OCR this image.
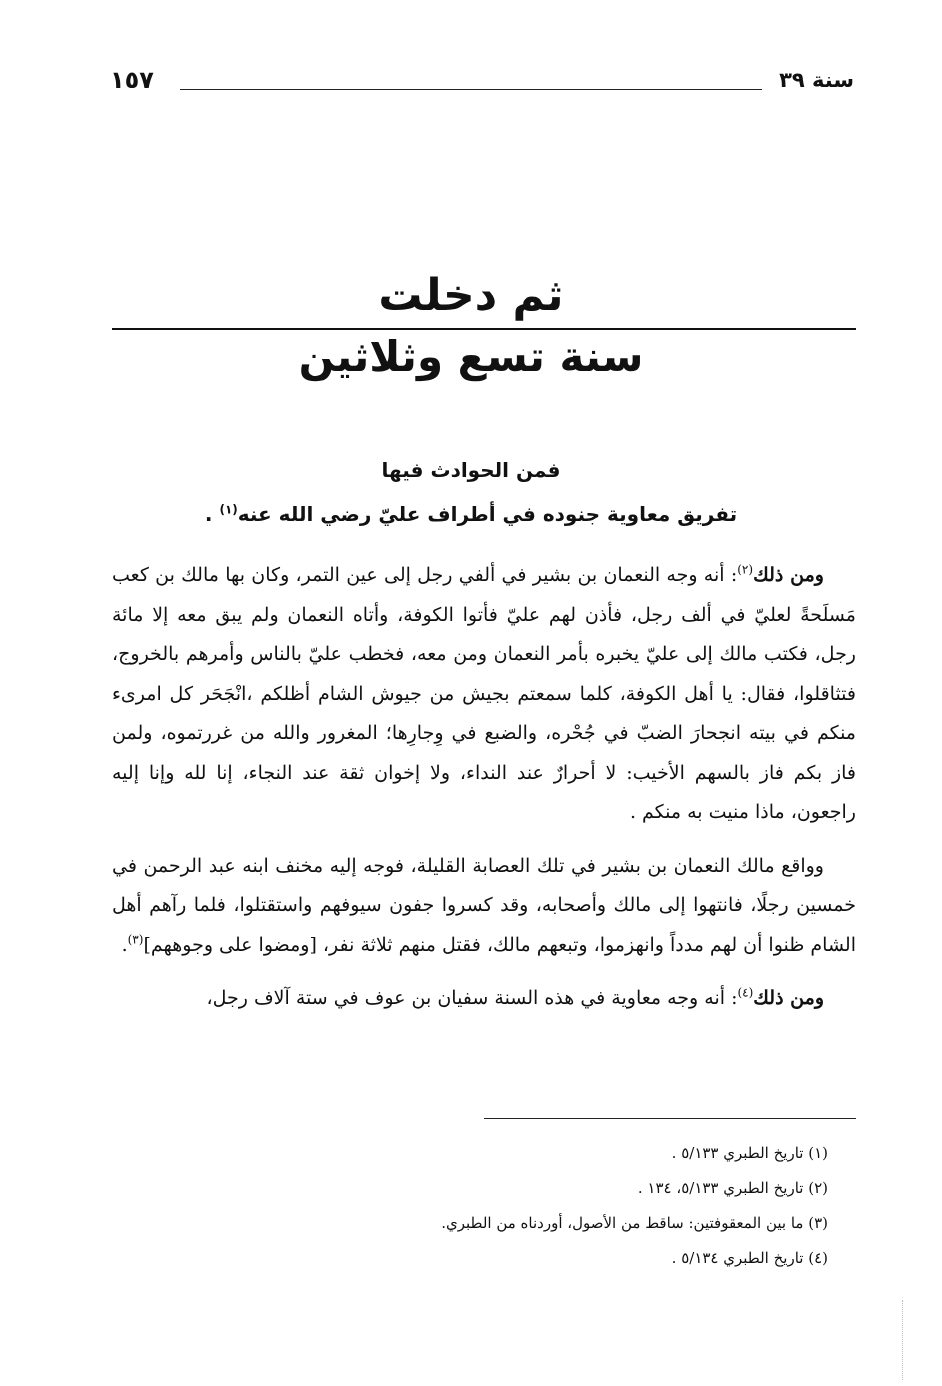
سنة ٣٩
١٥٧
ثم دخلت
سنة تسع وثلاثين
فمن الحوادث فيها
تفريق معاوية جنوده في أطراف عليّ رضي الله عنه$^{(١)}$ .

ومن ذلك$^{(٢)}$: أنه وجه النعمان بن بشير في ألفي رجل إلى عين التمر، وكان بها مالك بن كعب مَسلَحةً لعليّ في ألف رجل، فأذن لهم عليّ فأتوا الكوفة، وأتاه النعمان ولم يبق معه إلا مائة رجل، فكتب مالك إلى عليّ يخبره بأمر النعمان ومن معه، فخطب عليّ بالناس وأمرهم بالخروج، فتثاقلوا، فقال: يا أهل الكوفة، كلما سمعتم بجيش من جيوش الشام أظلكم ،انْجَحَر كل امرىء منكم في بيته انجحارَ الضبّ في جُحْره، والضبع في وِجارِها؛ المغرور والله من غررتموه، ولمن فاز بكم فاز بالسهم الأخيب: لا أحرارٌ عند النداء، ولا إخوان ثقة عند النجاء، إنا لله وإنا إليه راجعون، ماذا منيت به منكم .

وواقع مالك النعمان بن بشير في تلك العصابة القليلة، فوجه إليه مخنف ابنه عبد الرحمن في خمسين رجلًا، فانتهوا إلى مالك وأصحابه، وقد كسروا جفون سيوفهم واستقتلوا، فلما رآهم أهل الشام ظنوا أن لهم مدداً وانهزموا، وتبعهم مالك، فقتل منهم ثلاثة نفر، [ومضوا على وجوههم]$^{(٣)}$.

ومن ذلك$^{(٤)}$: أنه وجه معاوية في هذه السنة سفيان بن عوف في ستة آلاف رجل،

(١) تاريخ الطبري ٥/١٣٣ .
(٢) تاريخ الطبري ٥/١٣٣، ١٣٤ .
(٣) ما بين المعقوفتين: ساقط من الأصول، أوردناه من الطبري.
(٤) تاريخ الطبري ٥/١٣٤ .
